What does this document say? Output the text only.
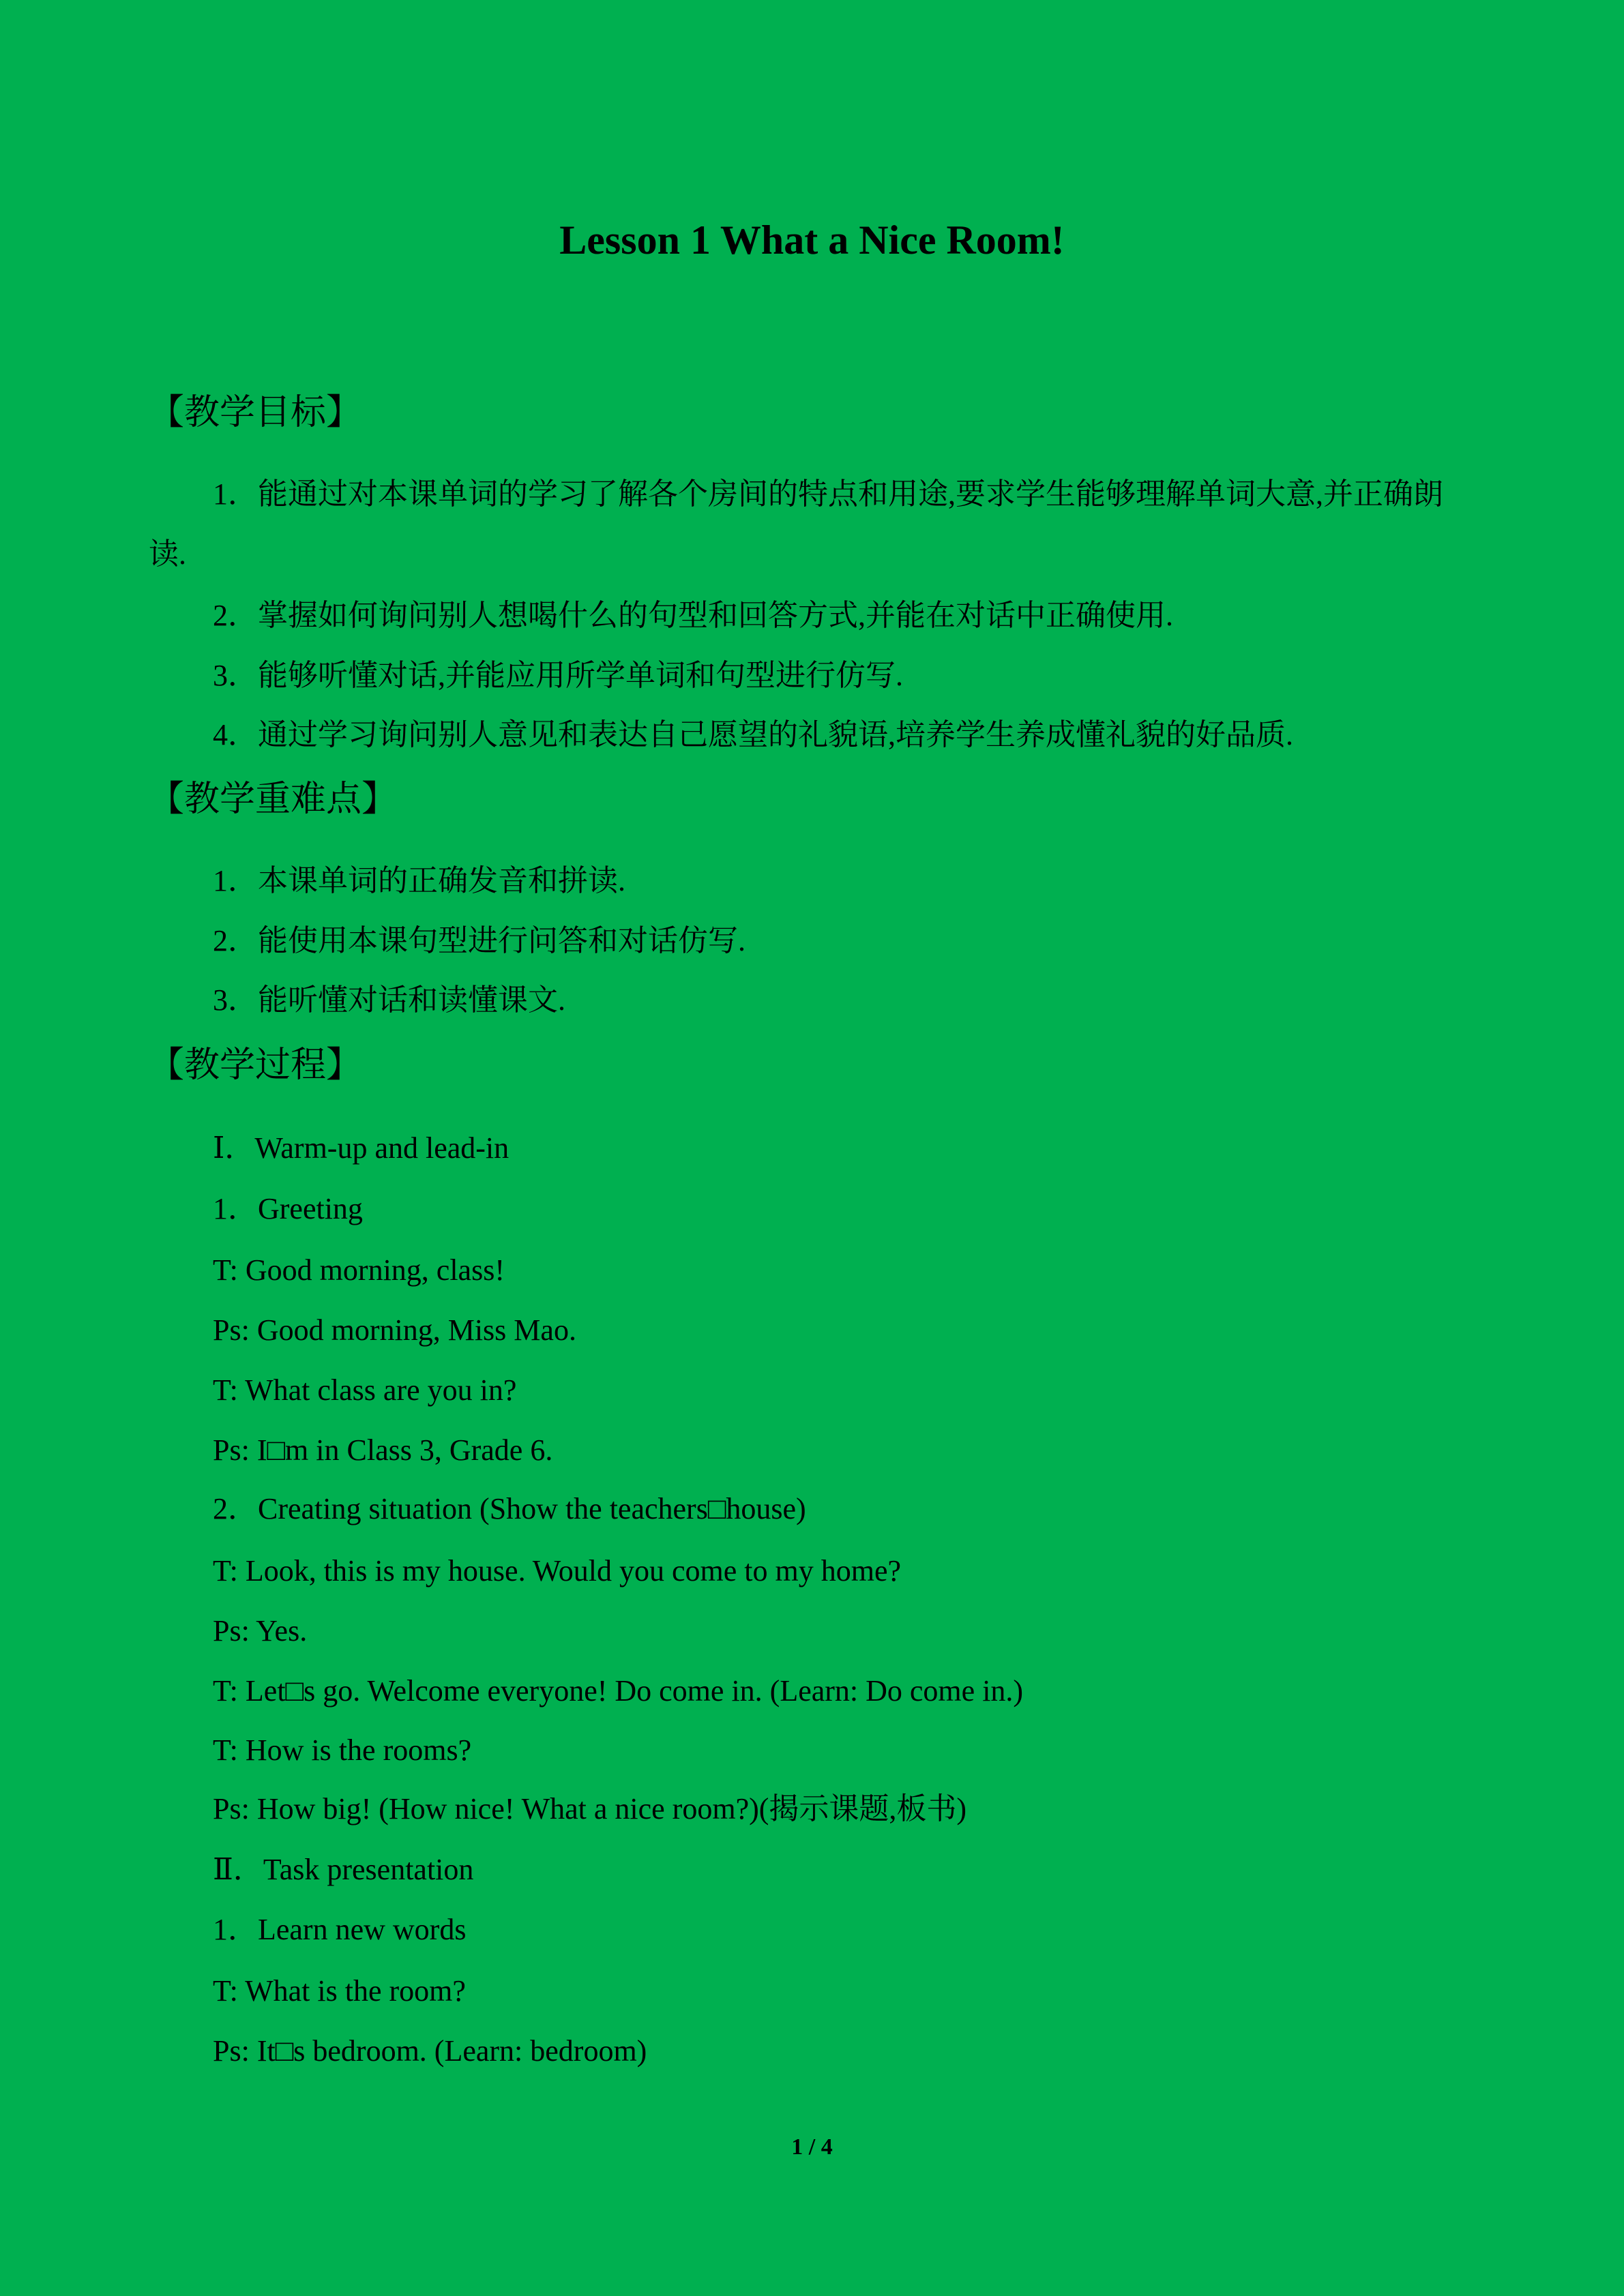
Lesson 1 What a Nice Room!
【教学目标】
1．能通过对本课单词的学习了解各个房间的特点和用途,要求学生能够理解单词大意,并正确朗读.
2．掌握如何询问别人想喝什么的句型和回答方式,并能在对话中正确使用.
3．能够听懂对话,并能应用所学单词和句型进行仿写.
4．通过学习询问别人意见和表达自己愿望的礼貌语,培养学生养成懂礼貌的好品质.
【教学重难点】
1．本课单词的正确发音和拼读.
2．能使用本课句型进行问答和对话仿写.
3．能听懂对话和读懂课文.
【教学过程】
Ⅰ．Warm-up and lead-in
1．Greeting
T: Good morning, class!
Ps: Good morning, Miss Mao.
T: What class are you in?
Ps: I□m in Class 3, Grade 6.
2．Creating situation (Show the teachers□house)
T: Look, this is my house. Would you come to my home?
Ps: Yes.
T: Let□s go. Welcome everyone! Do come in. (Learn: Do come in.)
T: How is the rooms?
Ps: How big! (How nice! What a nice room?)(揭示课题,板书)
Ⅱ．Task presentation
1．Learn new words
T: What is the room?
Ps: It□s bedroom. (Learn: bedroom)
1 / 4
